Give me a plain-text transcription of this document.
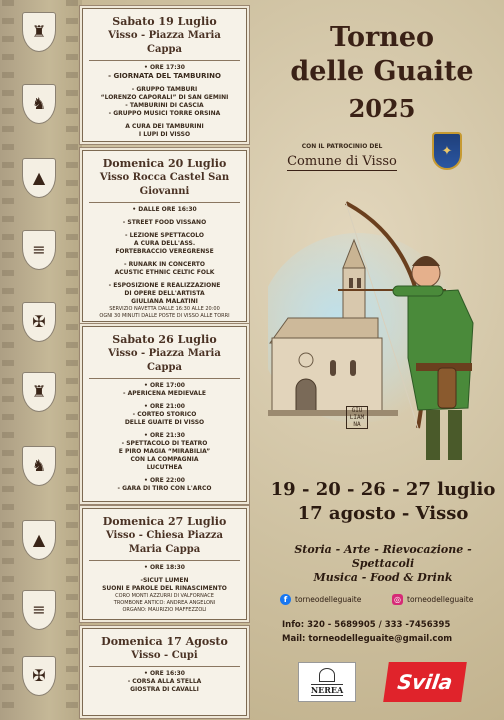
♜
♞
▲
≡
✠
♜
♞
▲
≡
✠
Sabato 19 Luglio
Visso - Piazza Maria Cappa
• ORE 17:30
- GIORNATA DEL TAMBURINO
- GRUPPO TAMBURI
“LORENZO CAPORALI” DI SAN GEMINI
- TAMBURINI DI CASCIA
- GRUPPO MUSICI TORRE ORSINA
A CURA DEI TAMBURINI
I LUPI DI VISSO
Domenica 20 Luglio
Visso Rocca Castel San Giovanni
• DALLE ORE 16:30
- STREET FOOD VISSANO
- LEZIONE SPETTACOLO
A CURA DELL'ASS.
FORTEBRACCIO VEREGRENSE
- RUNARK IN CONCERTO
ACUSTIC ETHNIC CELTIC FOLK
- ESPOSIZIONE E REALIZZAZIONE
DI OPERE DELL'ARTISTA
GIULIANA MALATINI
SERVIZIO NAVETTA DALLE 16:30 ALLE 20:00
OGNI 30 MINUTI DALLE POSTE DI VISSO ALLE TORRI
Sabato 26 Luglio
Visso - Piazza Maria Cappa
• ORE 17:00
- APERICENA MEDIEVALE
• ORE 21:00
- CORTEO STORICO
DELLE GUAITE DI VISSO
• ORE 21:30
- SPETTACOLO DI TEATRO
E PIRO MAGIA “MIRABILIA”
CON LA COMPAGNIA
LUCUTHEA
• ORE 22:00
- GARA DI TIRO CON L'ARCO
Domenica 27 Luglio
Visso - Chiesa Piazza Maria Cappa
• ORE 18:30
-SICUT LUMEN
SUONI E PAROLE DEL RINASCIMENTO
CORO MONTI AZZURRI DI VALFORNACE
TROMBONE ANTICO: ANDREA ANGELONI
ORGANO: MAURIZIO MAFFEZZOLI
Domenica 17 Agosto
Visso - Cupi
• ORE 16:30
- CORSA ALLA STELLA
GIOSTRA DI CAVALLI
Torneo
delle Guaite
2025
CON IL PATROCINIO DEL
Comune di Visso
✦
GIU
LIAM
NA
19 - 20 - 26 - 27 luglio
17 agosto - Visso
Storia - Arte - Rievocazione - Spettacoli
Musica - Food & Drink
f	torneodelleguaite	◎ torneodelleguaite
Info: 320 - 5689905 / 333 -7456395
Mail: torneodelleguaite@gmail.com
NEREA	Svila
